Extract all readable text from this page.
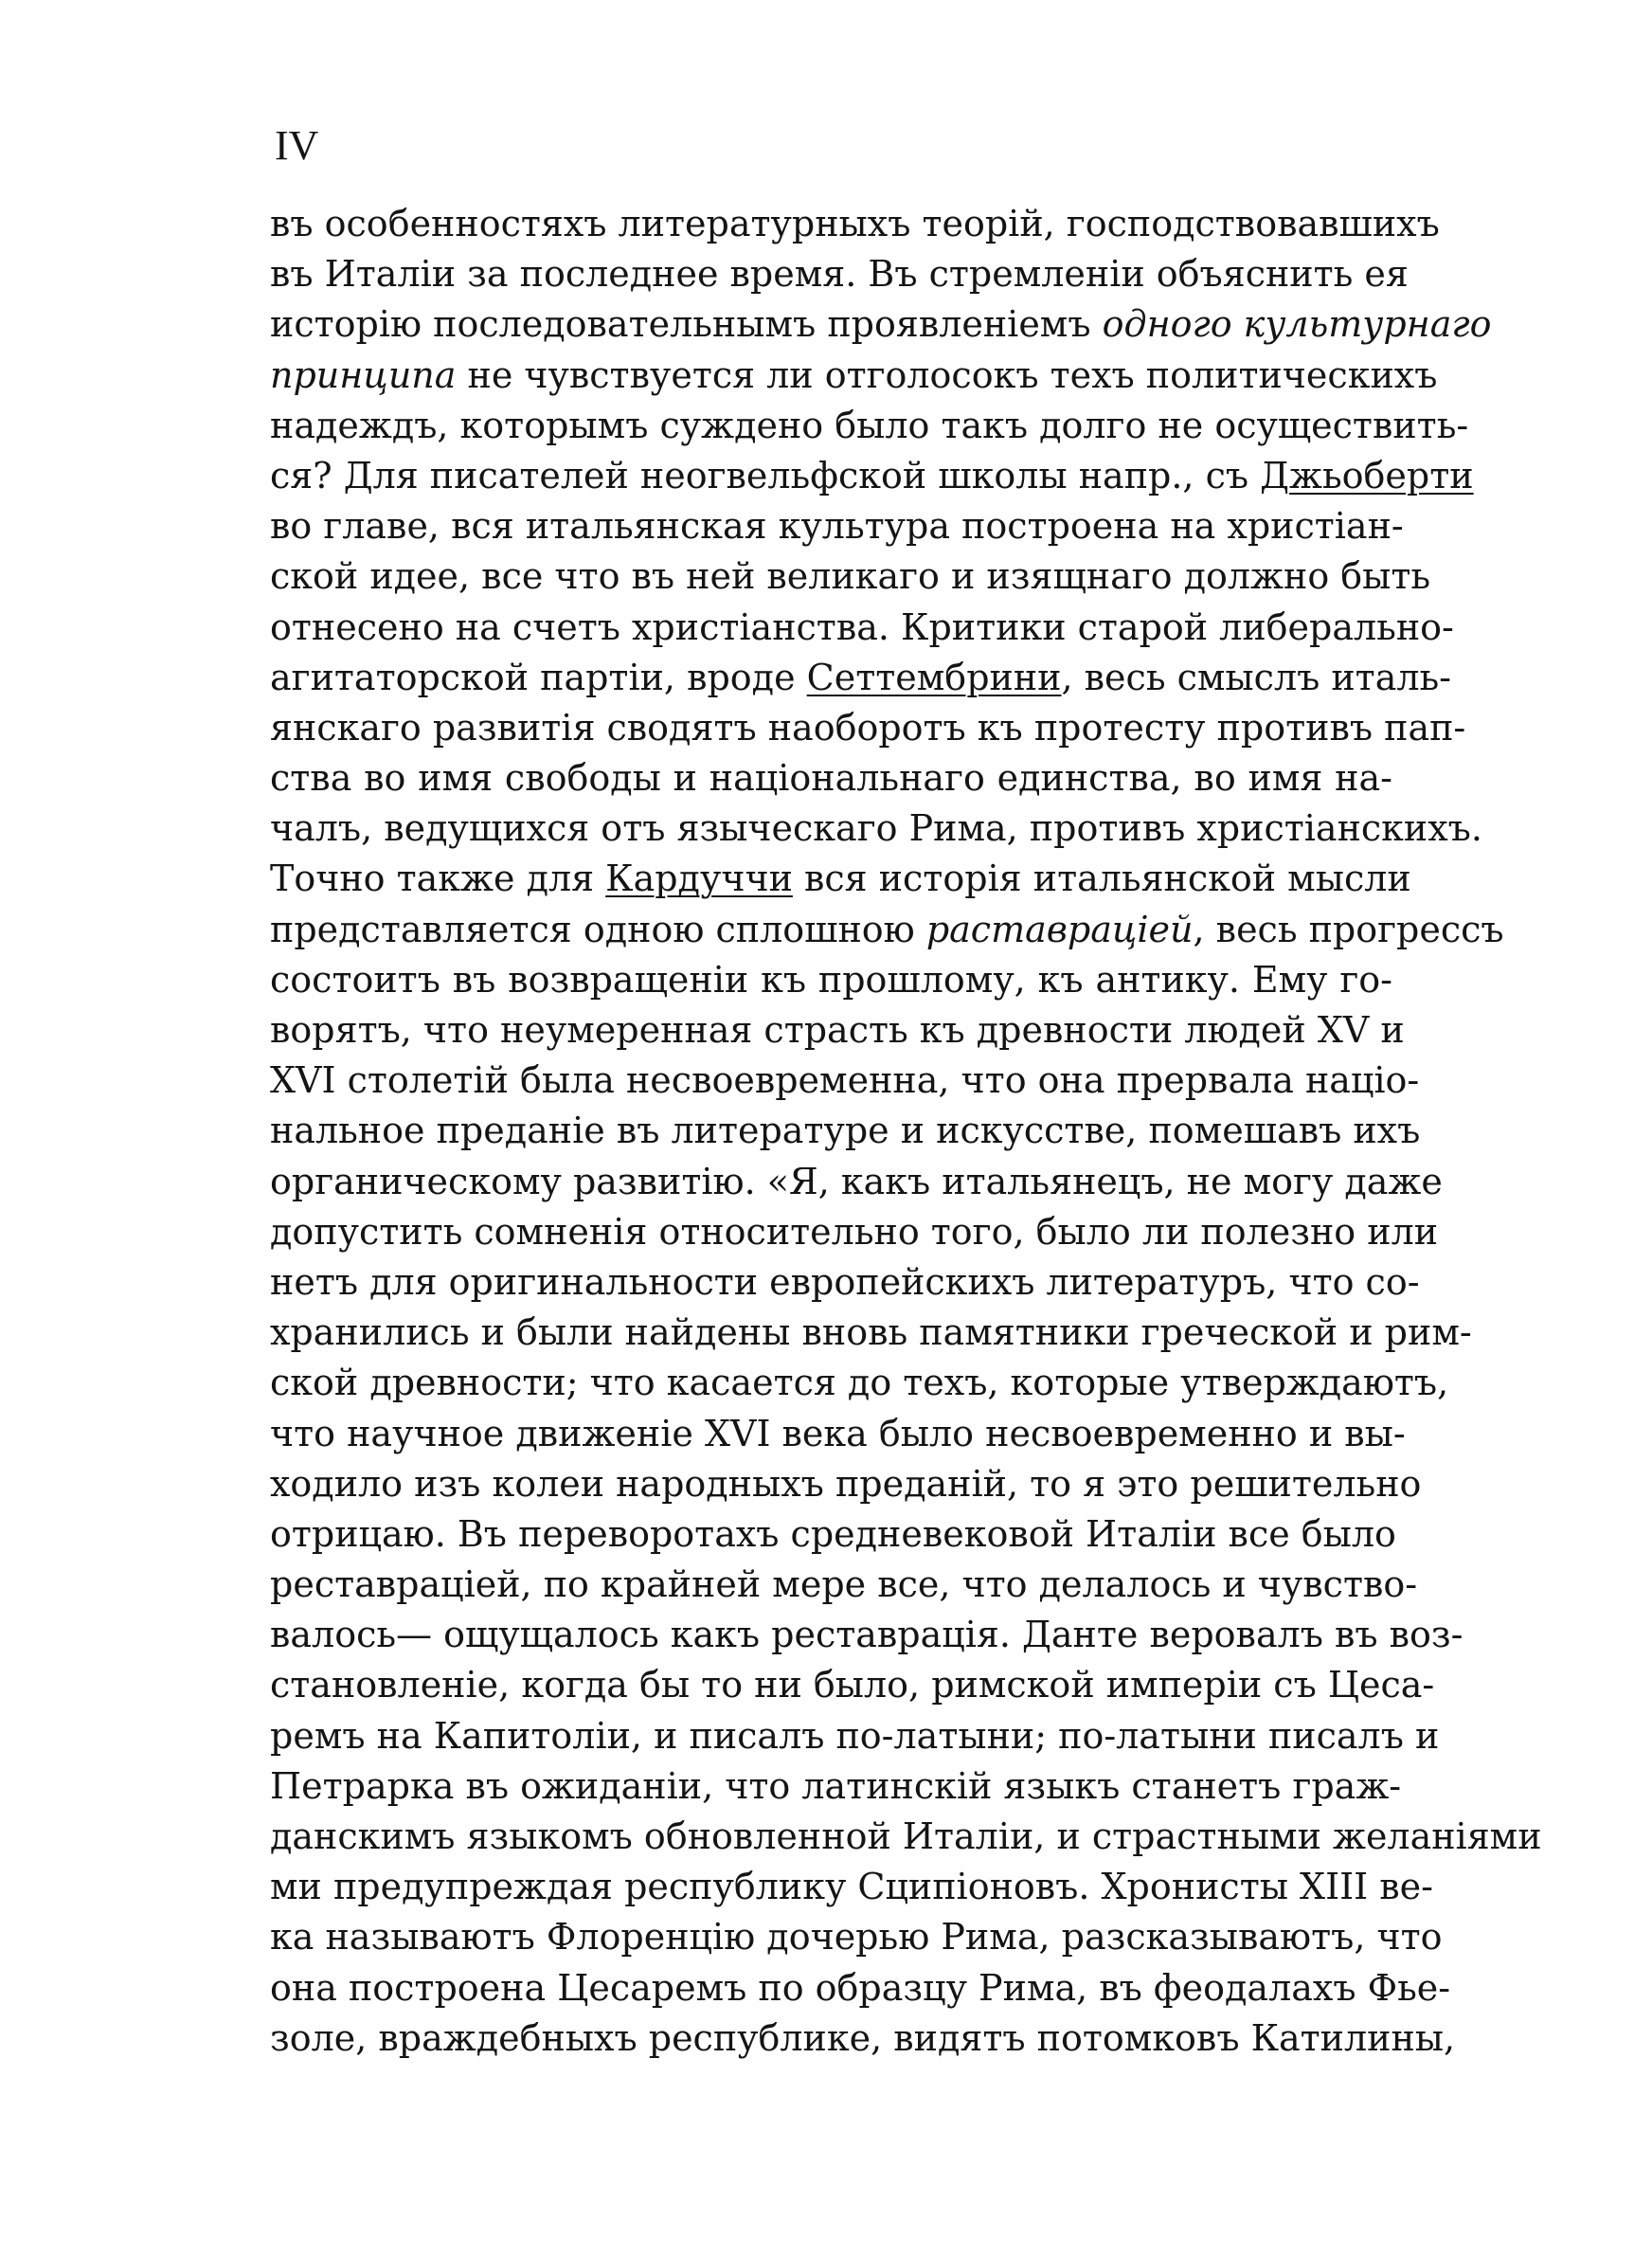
IV
въ особенностяхъ литературныхъ теорій, господствовавшихъ
въ Италіи за последнее время. Въ стремленіи объяснить ея
исторію последовательнымъ проявленіемъ одного культурнаго
принципа не чувствуется ли отголосокъ техъ политическихъ
надеждъ, которымъ суждено было такъ долго не осуществить-
ся? Для писателей неогвельфской школы напр., съ Джьоберти
во главе, вся итальянская культура построена на христіан-
ской идее, все что въ ней великаго и изящнаго должно быть
отнесено на счетъ христіанства. Критики старой либерально-
агитаторской партіи, вроде Сеттембрини, весь смыслъ италь-
янскаго развитія сводятъ наоборотъ къ протесту противъ пап-
ства во имя свободы и національнаго единства, во имя на-
чалъ, ведущихся отъ языческаго Рима, противъ христіанскихъ.
Точно также для Кардуччи вся исторія итальянской мысли
представляется одною сплошною раставраціей, весь прогрессъ
состоитъ въ возвращеніи къ прошлому, къ антику. Ему го-
ворятъ, что неумеренная страсть къ древности людей XV и
XVI столетій была несвоевременна, что она прервала націо-
нальное преданіе въ литературе и искусстве, помешавъ ихъ
органическому развитію. «Я, какъ итальянецъ, не могу даже
допустить сомненія относительно того, было ли полезно или
нетъ для оригинальности европейскихъ литературъ, что со-
хранились и были найдены вновь памятники греческой и рим-
ской древности; что касается до техъ, которые утверждаютъ,
что научное движеніе XVI века было несвоевременно и вы-
ходило изъ колеи народныхъ преданій, то я это решительно
отрицаю. Въ переворотахъ средневековой Италіи все было
реставраціей, по крайней мере все, что делалось и чувство-
валось— ощущалось какъ реставрація. Данте верoвалъ въ воз-
становленіе, когда бы то ни было, римской имперіи съ Цеса-
ремъ на Капитоліи, и писалъ по-латыни; по-латыни писалъ и
Петрарка въ ожиданіи, что латинскій языкъ станетъ граж-
данскимъ языкомъ обновленной Италіи, и страстными желаніями
ми предупреждая республику Сципіоновъ. Хронисты XIII ве-
ка называютъ Флоренцію дочерью Рима, разсказываютъ, что
она построена Цесаремъ по образцу Рима, въ феодалахъ Фье-
золе, враждебныхъ республике, видятъ потомковъ Катилины,
